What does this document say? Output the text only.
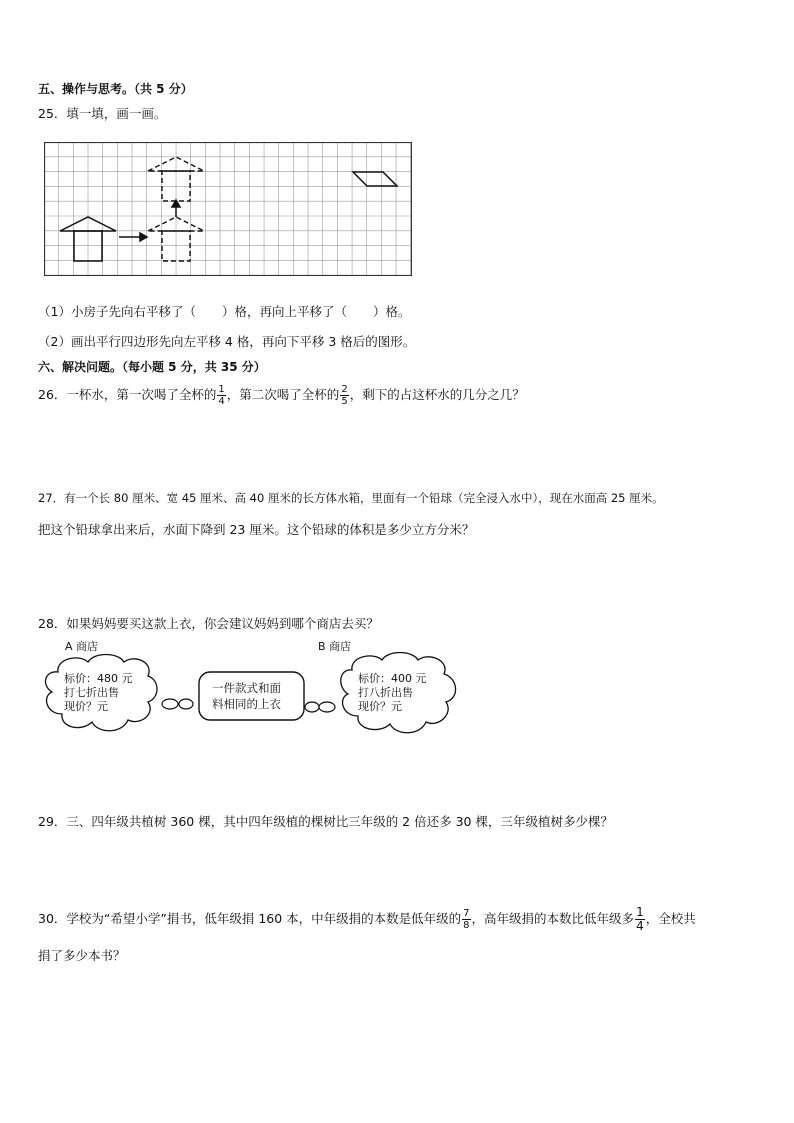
五、操作与思考。（共 5 分）
25．填一填，画一画。
（1）小房子先向右平移了（ ）格，再向上平移了（ ）格。
（2）画出平行四边形先向左平移 4 格，再向下平移 3 格后的图形。
六、解决问题。（每小题 5 分，共 35 分）
26．一杯水，第一次喝了全杯的 $\frac{1}{4}$ ，第二次喝了全杯的 $\frac{2}{5}$ ，剩下的占这杯水的几分之几？
27．有一个长 80 厘米、宽 45 厘米、高 40 厘米的长方体水箱，里面有一个铅球（完全浸入水中），现在水面高 25 厘米。
把这个铅球拿出来后，水面下降到 23 厘米。这个铅球的体积是多少立方分米？
28．如果妈妈要买这款上衣，你会建议妈妈到哪个商店去买？
A 商店	B 商店
标价：480 元
打七折出售
现价？元
一件款式和面
料相同的上衣
标价：400 元
打八折出售
现价？元
29．三、四年级共植树 360 棵，其中四年级植的棵树比三年级的 2 倍还多 30 棵，三年级植树多少棵？
30．学校为“希望小学”捐书，低年级捐 160 本，中年级捐的本数是低年级的 $\frac{7}{8}$ ，高年级捐的本数比低年级多 $\frac{1}{4}$ ，全校共
捐了多少本书？
